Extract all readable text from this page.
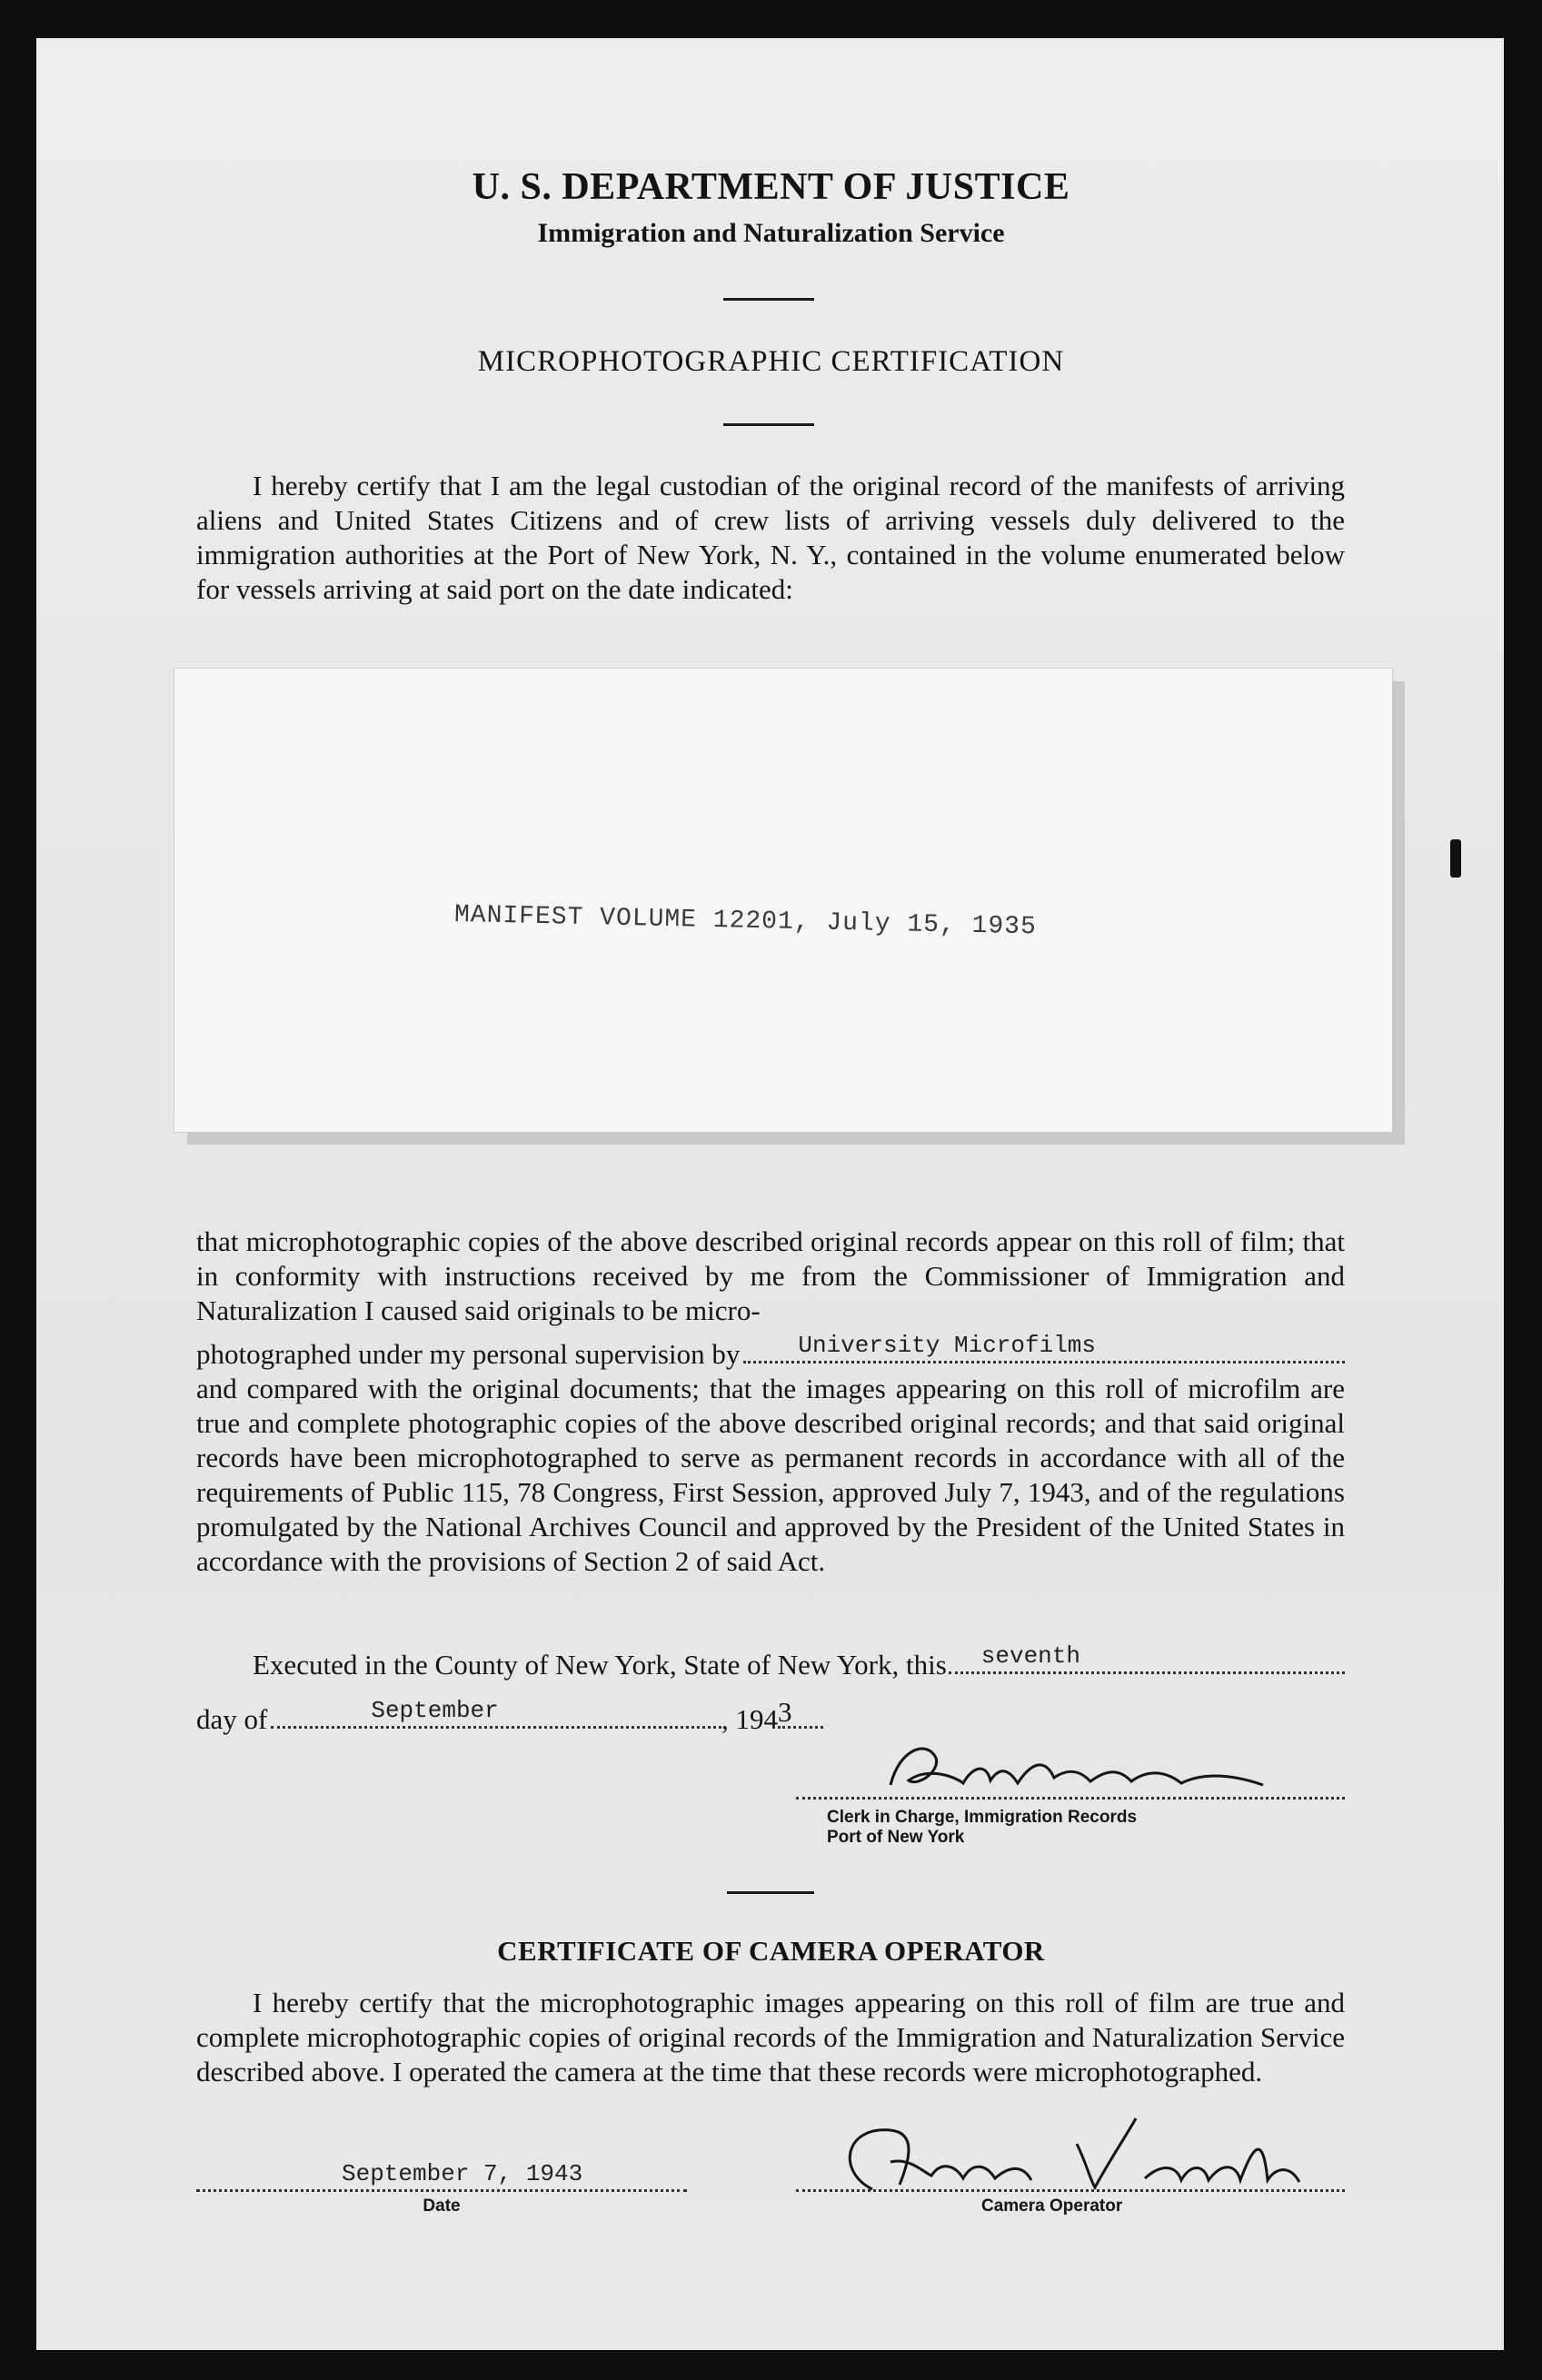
U. S. DEPARTMENT OF JUSTICE
Immigration and Naturalization Service
MICROPHOTOGRAPHIC CERTIFICATION
I hereby certify that I am the legal custodian of the original record of the manifests of arriving aliens and United States Citizens and of crew lists of arriving vessels duly delivered to the immigration authorities at the Port of New York, N. Y., contained in the volume enumerated below for vessels arriving at said port on the date indicated:
MANIFEST VOLUME 12201, July 15, 1935
that microphotographic copies of the above described original records appear on this roll of film; that in conformity with instructions received by me from the Commissioner of Immigration and Naturalization I caused said originals to be micro-
photographed under my personal supervision by University Microfilms
and compared with the original documents; that the images appearing on this roll of microfilm are true and complete photographic copies of the above described original records; and that said original records have been microphotographed to serve as permanent records in accordance with all of the requirements of Public 115, 78 Congress, First Session, approved July 7, 1943, and of the regulations promulgated by the National Archives Council and approved by the President of the United States in accordance with the provisions of Section 2 of said Act.
Executed in the County of New York, State of New York, this seventh
day of	September	, 194 3
Clerk in Charge, Immigration Records
Port of New York
CERTIFICATE OF CAMERA OPERATOR
I hereby certify that the microphotographic images appearing on this roll of film are true and complete microphotographic copies of original records of the Immigration and Naturalization Service described above. I operated the camera at the time that these records were microphotographed.
September 7, 1943
Date	Camera Operator
